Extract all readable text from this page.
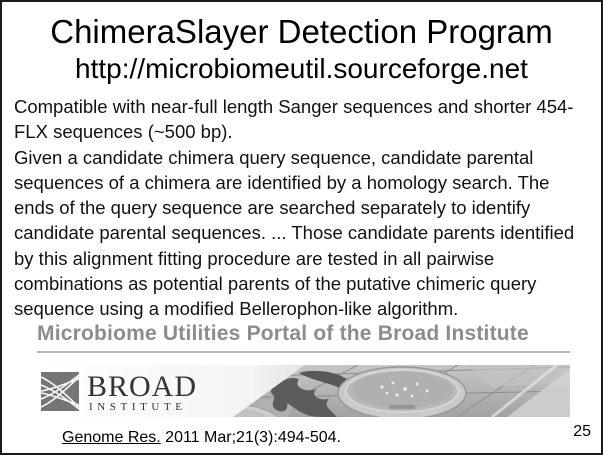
ChimeraSlayer Detection Program
http://microbiomeutil.sourceforge.net
Compatible with near-full length Sanger sequences and shorter 454-
FLX sequences (~500 bp).
Given a candidate chimera query sequence, candidate parental
sequences of a chimera are identified by a homology search. The
ends of the query sequence are searched separately to identify
candidate parental sequences. ... Those candidate parents identified
by this alignment fitting procedure are tested in all pairwise
combinations as potential parents of the putative chimeric query
sequence using a modified Bellerophon-like algorithm.
Microbiome Utilities Portal of the Broad Institute
BROAD
INSTITUTE
Genome Res. 2011 Mar;21(3):494-504.	25
